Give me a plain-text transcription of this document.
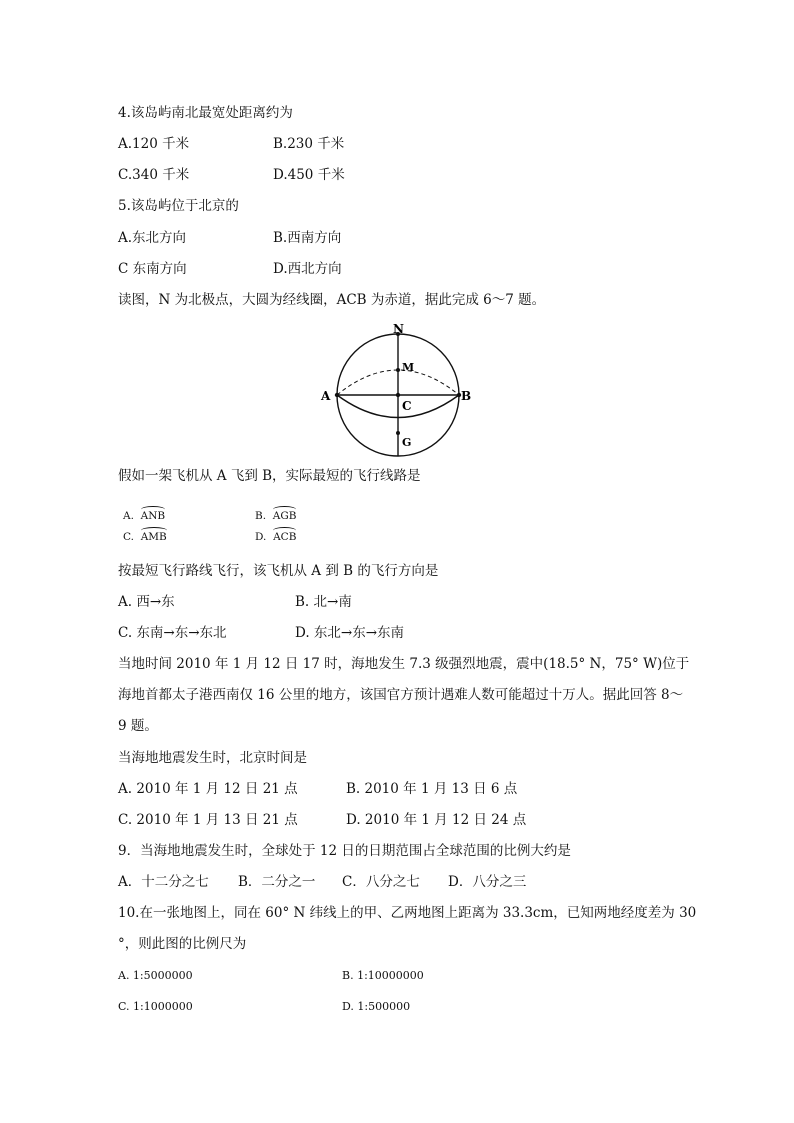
4.该岛屿南北最宽处距离约为
A.120 千米	B.230 千米
C.340 千米	D.450 千米
5.该岛屿位于北京的
A.东北方向	B.西南方向
C 东南方向	D.西北方向
读图，N 为北极点，大圆为经线圈，ACB 为赤道，据此完成 6～7 题。
N
M
A	B
C
G
假如一架飞机从 A 飞到 B，实际最短的飞行线路是
A. ANB	B. AGB
C. AMB	D. ACB
按最短飞行路线飞行，该飞机从 A 到 B 的飞行方向是
A. 西→东	B. 北→南
C. 东南→东→东北	D. 东北→东→东南
当地时间 2010 年 1 月 12 日 17 时，海地发生 7.3 级强烈地震，震中(18.5° N，75° W)位于
海地首都太子港西南仅 16 公里的地方，该国官方预计遇难人数可能超过十万人。据此回答 8～
9 题。
当海地地震发生时，北京时间是
A. 2010 年 1 月 12 日 21 点	B. 2010 年 1 月 13 日 6 点
C. 2010 年 1 月 13 日 21 点	D. 2010 年 1 月 12 日 24 点
9．当海地地震发生时，全球处于 12 日的日期范围占全球范围的比例大约是
A．十二分之七 B．二分之一 C．八分之七 D．八分之三
10.在一张地图上，同在 60° N 纬线上的甲、乙两地图上距离为 33.3cm，已知两地经度差为 30
°，则此图的比例尺为
A. 1:5000000	B. 1:10000000
C. 1:1000000	D. 1:500000
